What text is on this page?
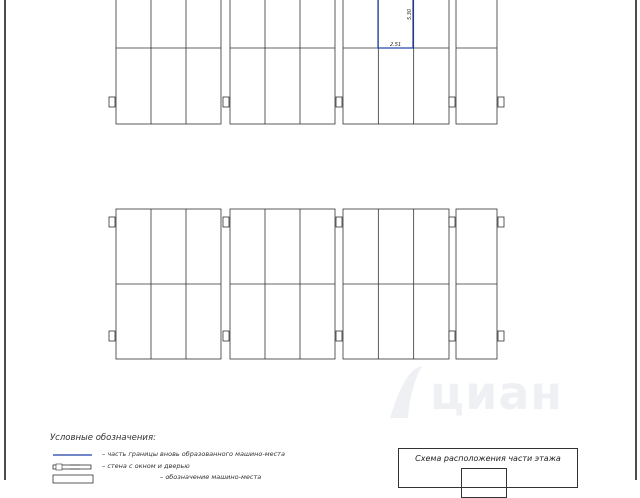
2.51
5.30
циан
Условные обозначения:
– часть границы вновь образованного машино-места
– стена с окном и дверью
– обозначение машино-места
Схема расположения части этажа
